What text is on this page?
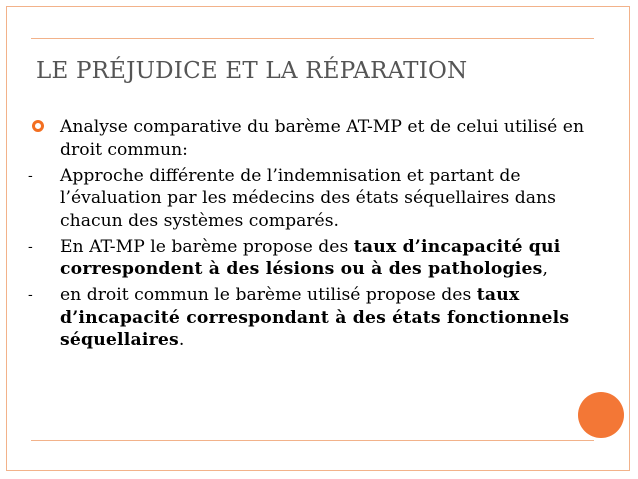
LE PRÉJUDICE ET LA RÉPARATION
Analyse comparative du barème AT-MP et de celui utilisé en droit commun:
- Approche différente de l’indemnisation et partant de l’évaluation par les médecins des états séquellaires dans chacun des systèmes comparés.
- En AT-MP le barème propose des taux d’incapacité qui correspondent à des lésions ou à des pathologies,
- en droit commun le barème utilisé propose des taux d’incapacité correspondant à des états fonctionnels séquellaires.
